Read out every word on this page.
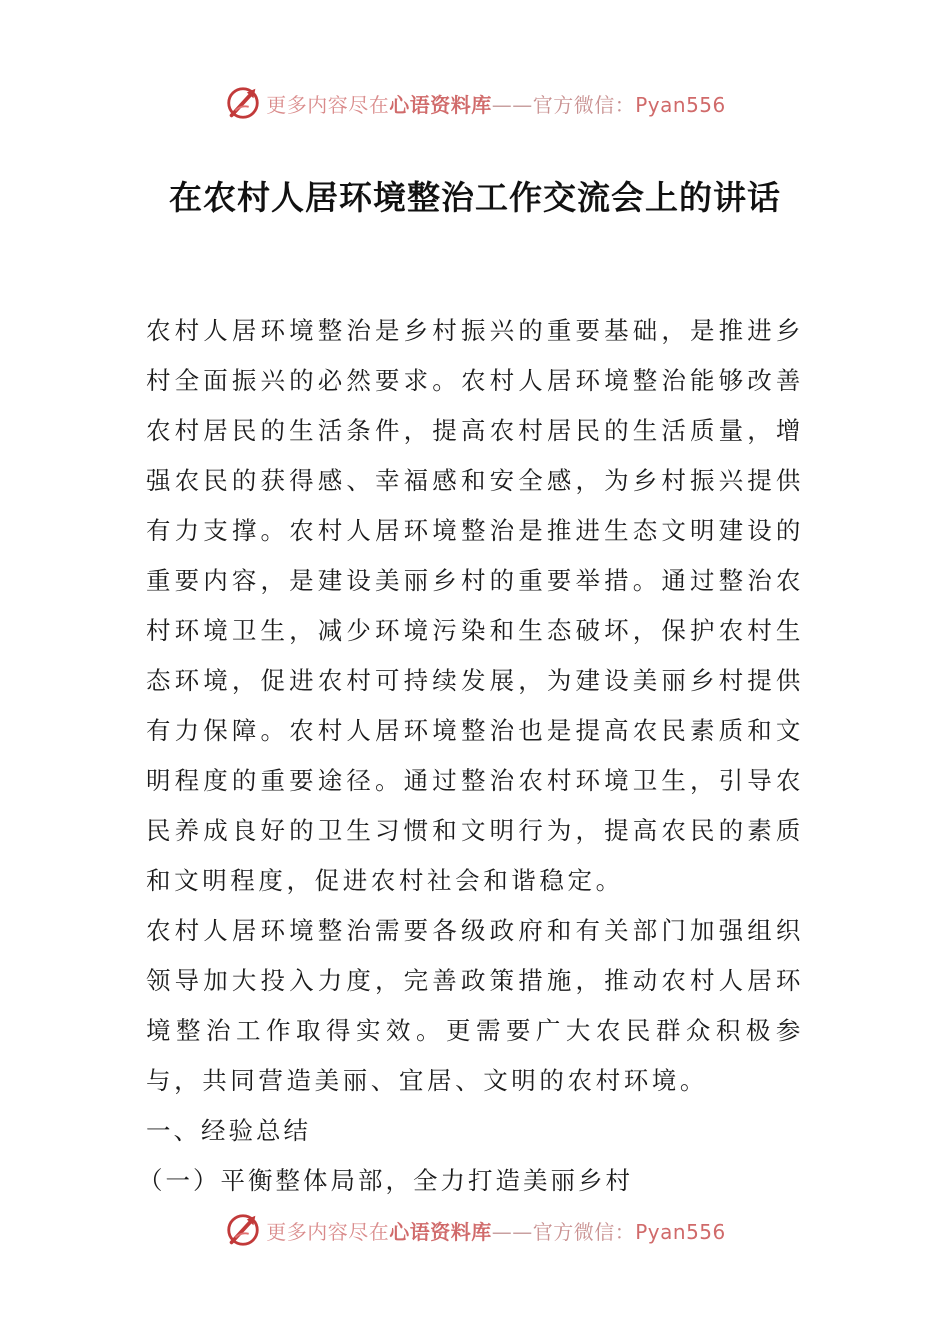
更多内容尽在心语资料库——官方微信：Pyan556
在农村人居环境整治工作交流会上的讲话

农村人居环境整治是乡村振兴的重要基础，是推进乡村全面振兴的必然要求。农村人居环境整治能够改善农村居民的生活条件，提高农村居民的生活质量，增强农民的获得感、幸福感和安全感，为乡村振兴提供有力支撑。农村人居环境整治是推进生态文明建设的重要内容，是建设美丽乡村的重要举措。通过整治农村环境卫生，减少环境污染和生态破坏，保护农村生态环境，促进农村可持续发展，为建设美丽乡村提供有力保障。农村人居环境整治也是提高农民素质和文明程度的重要途径。通过整治农村环境卫生，引导农民养成良好的卫生习惯和文明行为，提高农民的素质和文明程度，促进农村社会和谐稳定。

农村人居环境整治需要各级政府和有关部门加强组织领导加大投入力度，完善政策措施，推动农村人居环境整治工作取得实效。更需要广大农民群众积极参与，共同营造美丽、宜居、文明的农村环境。

一、经验总结

（一）平衡整体局部，全力打造美丽乡村

更多内容尽在心语资料库——官方微信：Pyan556
